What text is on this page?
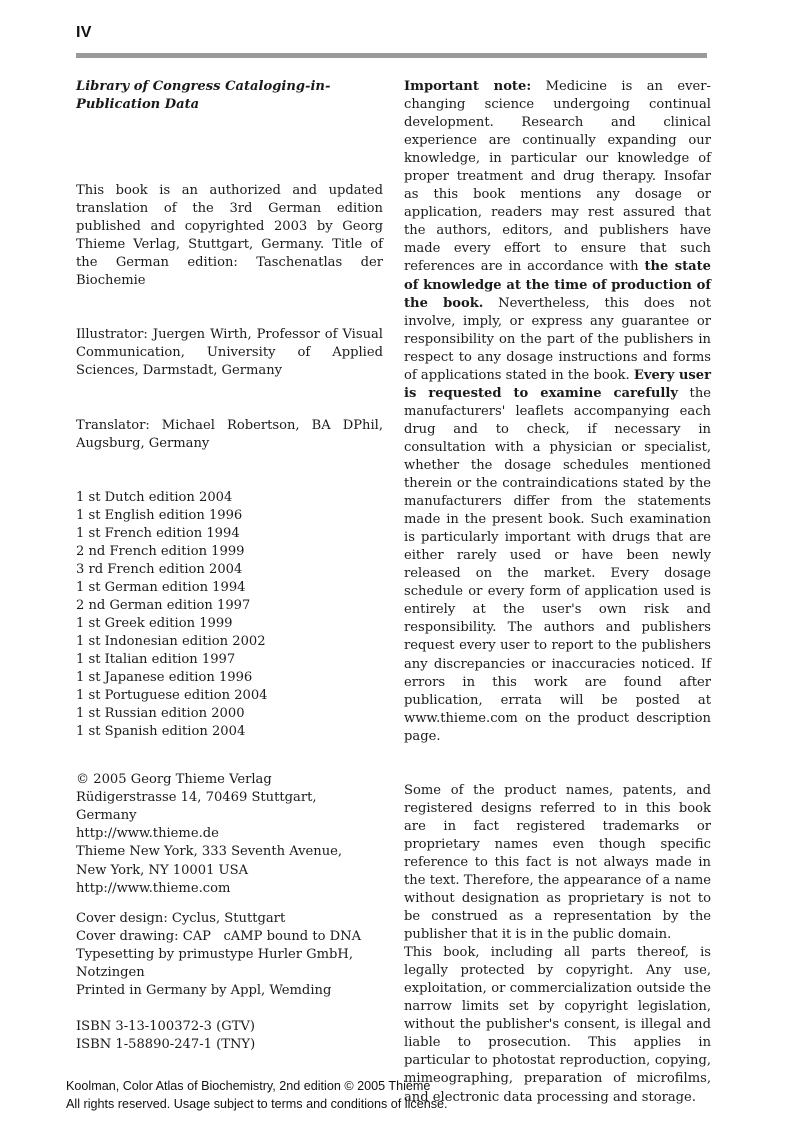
IV
Library of Congress Cataloging-in-Publication Data

This book is an authorized and updated translation of the 3rd German edition published and copyrighted 2003 by Georg Thieme Verlag, Stuttgart, Germany. Title of the German edition: Taschenatlas der Biochemie

Illustrator: Juergen Wirth, Professor of Visual Communication, University of Applied Sciences, Darmstadt, Germany

Translator: Michael Robertson, BA DPhil, Augsburg, Germany

1 st Dutch edition 2004
1 st English edition 1996
1 st French edition 1994
2 nd French edition 1999
3 rd French edition 2004
1 st German edition 1994
2 nd German edition 1997
1 st Greek edition 1999
1 st Indonesian edition 2002
1 st Italian edition 1997
1 st Japanese edition 1996
1 st Portuguese edition 2004
1 st Russian edition 2000
1 st Spanish edition 2004
© 2005 Georg Thieme Verlag
Rüdigerstrasse 14, 70469 Stuttgart,
Germany
http://www.thieme.de
Thieme New York, 333 Seventh Avenue,
New York, NY 10001 USA
http://www.thieme.com
Cover design: Cyclus, Stuttgart
Cover drawing: CAP   cAMP bound to DNA
Typesetting by primustype Hurler GmbH,
Notzingen
Printed in Germany by Appl, Wemding
ISBN 3-13-100372-3 (GTV)
ISBN 1-58890-247-1 (TNY)

Important note: Medicine is an ever-changing science undergoing continual development. Research and clinical experience are continually expanding our knowledge, in particular our knowledge of proper treatment and drug therapy. Insofar as this book mentions any dosage or application, readers may rest assured that the authors, editors, and publishers have made every effort to ensure that such references are in accordance with the state of knowledge at the time of production of the book. Nevertheless, this does not involve, imply, or express any guarantee or responsibility on the part of the publishers in respect to any dosage instructions and forms of applications stated in the book. Every user is requested to examine carefully the manufacturers' leaflets accompanying each drug and to check, if necessary in consultation with a physician or specialist, whether the dosage schedules mentioned therein or the contraindications stated by the manufacturers differ from the statements made in the present book. Such examination is particularly important with drugs that are either rarely used or have been newly released on the market. Every dosage schedule or every form of application used is entirely at the user's own risk and responsibility. The authors and publishers request every user to report to the publishers any discrepancies or inaccuracies noticed. If errors in this work are found after publication, errata will be posted at www.thieme.com on the product description page.

Some of the product names, patents, and registered designs referred to in this book are in fact registered trademarks or proprietary names even though specific reference to this fact is not always made in the text. Therefore, the appearance of a name without designation as proprietary is not to be construed as a representation by the publisher that it is in the public domain.

This book, including all parts thereof, is legally protected by copyright. Any use, exploitation, or commercialization outside the narrow limits set by copyright legislation, without the publisher's consent, is illegal and liable to prosecution. This applies in particular to photostat reproduction, copying, mimeographing, preparation of microfilms, and electronic data processing and storage.

Koolman, Color Atlas of Biochemistry, 2nd edition © 2005 Thieme
All rights reserved. Usage subject to terms and conditions of license.
